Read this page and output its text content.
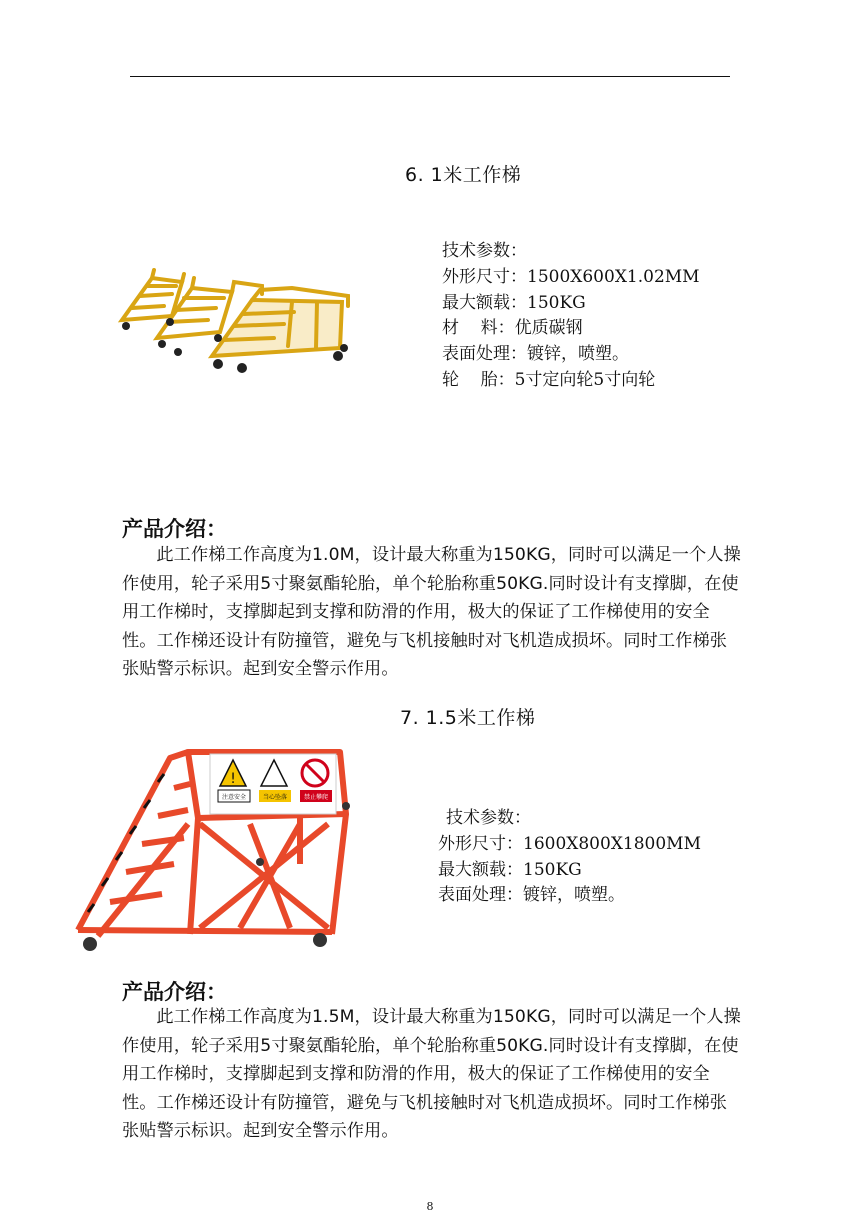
6. 1米工作梯
技术参数：
外形尺寸：1500X600X1.02MM
最大额载：150KG
材    料：优质碳钢
表面处理：镀锌，喷塑。
轮    胎：5寸定向轮5寸向轮
产品介绍：
此工作梯工作高度为1.0M，设计最大称重为150KG，同时可以满足一个人操作使用，轮子采用5寸聚氨酯轮胎，单个轮胎称重50KG.同时设计有支撑脚，在使用工作梯时，支撑脚起到支撑和防滑的作用，极大的保证了工作梯使用的安全性。工作梯还设计有防撞管，避免与飞机接触时对飞机造成损坏。同时工作梯张张贴警示标识。起到安全警示作用。
7. 1.5米工作梯
!
注意安全	当心坠落	禁止攀爬
技术参数：
外形尺寸：1600X800X1800MM
最大额载：150KG
表面处理：镀锌，喷塑。
产品介绍：
此工作梯工作高度为1.5M，设计最大称重为150KG，同时可以满足一个人操作使用，轮子采用5寸聚氨酯轮胎，单个轮胎称重50KG.同时设计有支撑脚，在使用工作梯时，支撑脚起到支撑和防滑的作用，极大的保证了工作梯使用的安全性。工作梯还设计有防撞管，避免与飞机接触时对飞机造成损坏。同时工作梯张张贴警示标识。起到安全警示作用。
8
